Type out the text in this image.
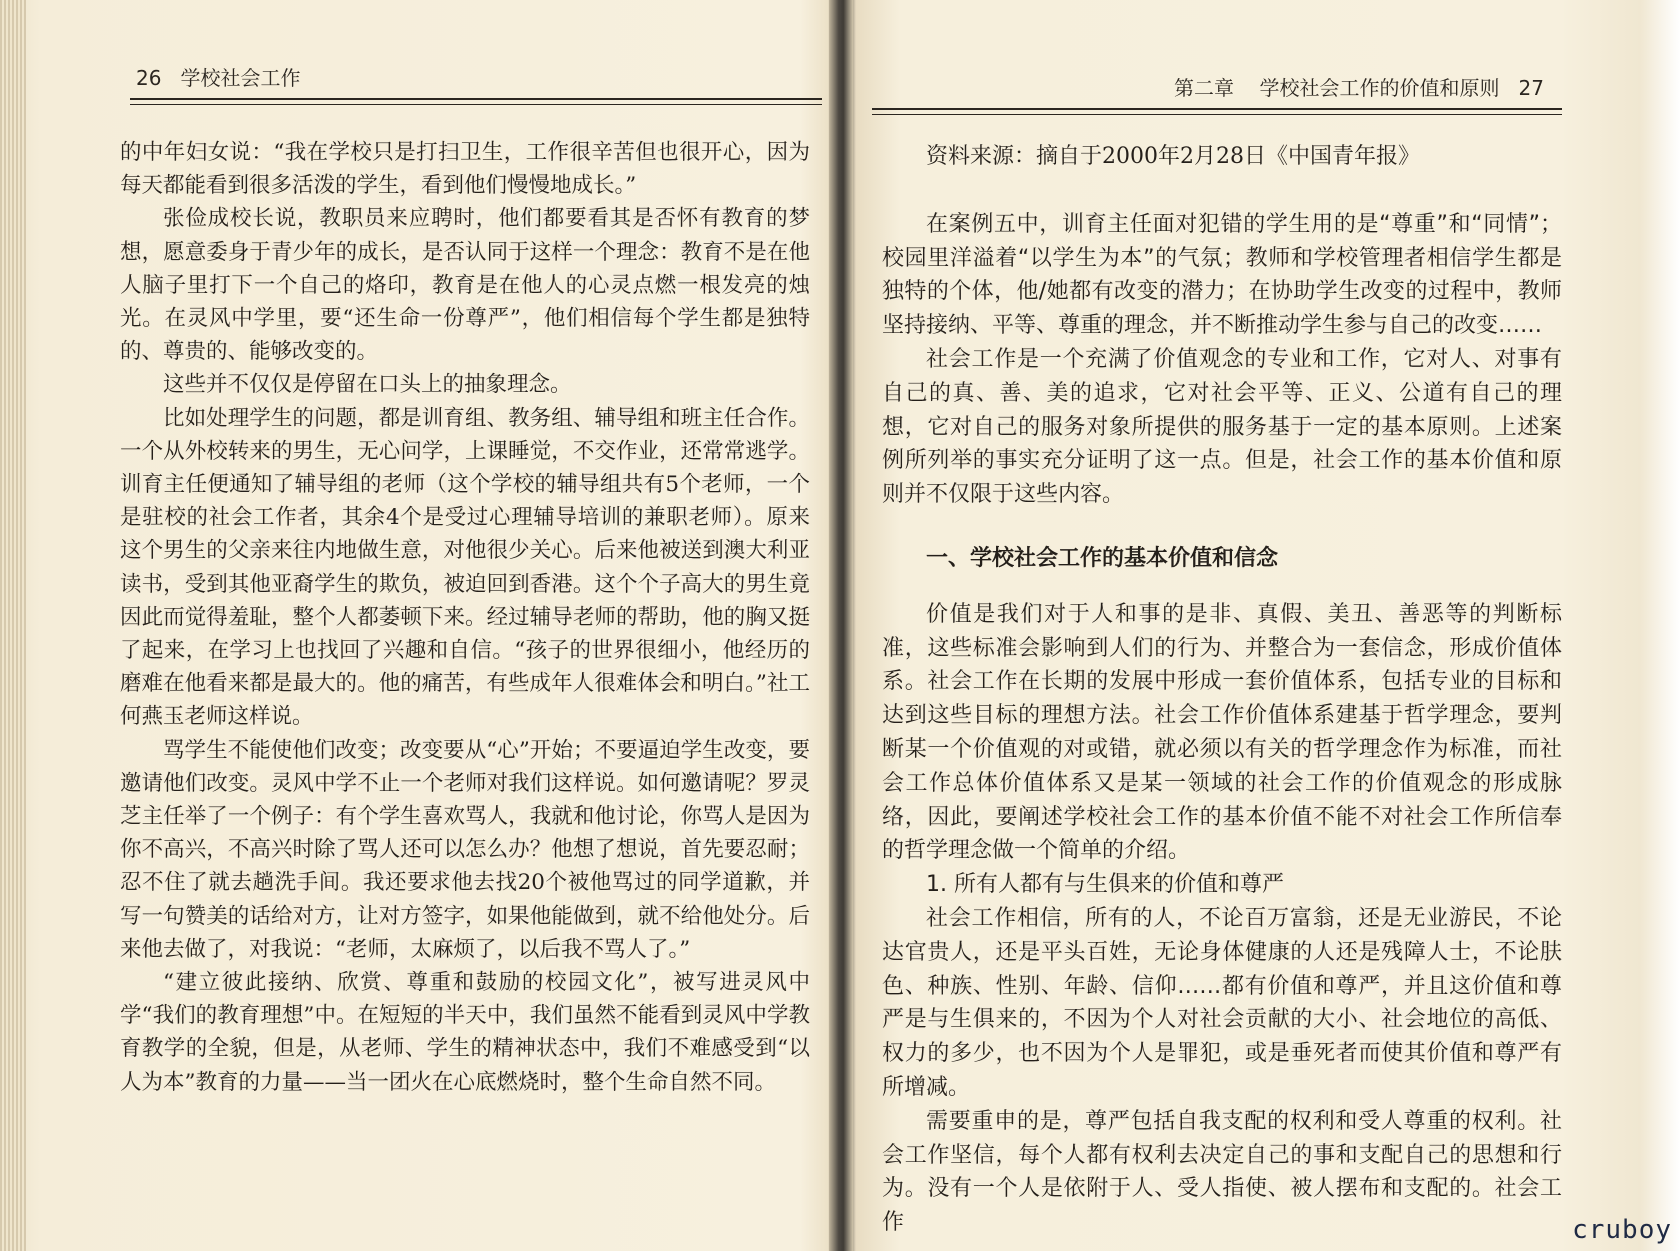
26 学校社会工作

的中年妇女说：“我在学校只是打扫卫生，工作很辛苦但也很开心，因为每天都能看到很多活泼的学生，看到他们慢慢地成长。”

张俭成校长说，教职员来应聘时，他们都要看其是否怀有教育的梦想，愿意委身于青少年的成长，是否认同于这样一个理念：教育不是在他人脑子里打下一个自己的烙印，教育是在他人的心灵点燃一根发亮的烛光。在灵风中学里，要“还生命一份尊严”，他们相信每个学生都是独特的、尊贵的、能够改变的。

这些并不仅仅是停留在口头上的抽象理念。

比如处理学生的问题，都是训育组、教务组、辅导组和班主任合作。一个从外校转来的男生，无心问学，上课睡觉，不交作业，还常常逃学。训育主任便通知了辅导组的老师（这个学校的辅导组共有5个老师，一个是驻校的社会工作者，其余4个是受过心理辅导培训的兼职老师）。原来这个男生的父亲来往内地做生意，对他很少关心。后来他被送到澳大利亚读书，受到其他亚裔学生的欺负，被迫回到香港。这个个子高大的男生竟因此而觉得羞耻，整个人都萎顿下来。经过辅导老师的帮助，他的胸又挺了起来，在学习上也找回了兴趣和自信。“孩子的世界很细小，他经历的磨难在他看来都是最大的。他的痛苦，有些成年人很难体会和明白。”社工何燕玉老师这样说。

骂学生不能使他们改变；改变要从“心”开始；不要逼迫学生改变，要邀请他们改变。灵风中学不止一个老师对我们这样说。如何邀请呢？罗灵芝主任举了一个例子：有个学生喜欢骂人，我就和他讨论，你骂人是因为你不高兴，不高兴时除了骂人还可以怎么办？他想了想说，首先要忍耐；忍不住了就去趟洗手间。我还要求他去找20个被他骂过的同学道歉，并写一句赞美的话给对方，让对方签字，如果他能做到，就不给他处分。后来他去做了，对我说：“老师，太麻烦了，以后我不骂人了。”

“建立彼此接纳、欣赏、尊重和鼓励的校园文化”，被写进灵风中学“我们的教育理想”中。在短短的半天中，我们虽然不能看到灵风中学教育教学的全貌，但是，从老师、学生的精神状态中，我们不难感受到“以人为本”教育的力量——当一团火在心底燃烧时，整个生命自然不同。

第二章 学校社会工作的价值和原则 27

资料来源：摘自于2000年2月28日《中国青年报》

在案例五中，训育主任面对犯错的学生用的是“尊重”和“同情”；校园里洋溢着“以学生为本”的气氛；教师和学校管理者相信学生都是独特的个体，他/她都有改变的潜力；在协助学生改变的过程中，教师坚持接纳、平等、尊重的理念，并不断推动学生参与自己的改变……

社会工作是一个充满了价值观念的专业和工作，它对人、对事有自己的真、善、美的追求，它对社会平等、正义、公道有自己的理想，它对自己的服务对象所提供的服务基于一定的基本原则。上述案例所列举的事实充分证明了这一点。但是，社会工作的基本价值和原则并不仅限于这些内容。

一、学校社会工作的基本价值和信念

价值是我们对于人和事的是非、真假、美丑、善恶等的判断标准，这些标准会影响到人们的行为、并整合为一套信念，形成价值体系。社会工作在长期的发展中形成一套价值体系，包括专业的目标和达到这些目标的理想方法。社会工作价值体系建基于哲学理念，要判断某一个价值观的对或错，就必须以有关的哲学理念作为标准，而社会工作总体价值体系又是某一领域的社会工作的价值观念的形成脉络，因此，要阐述学校社会工作的基本价值不能不对社会工作所信奉的哲学理念做一个简单的介绍。

1. 所有人都有与生俱来的价值和尊严

社会工作相信，所有的人，不论百万富翁，还是无业游民，不论达官贵人，还是平头百姓，无论身体健康的人还是残障人士，不论肤色、种族、性别、年龄、信仰……都有价值和尊严，并且这价值和尊严是与生俱来的，不因为个人对社会贡献的大小、社会地位的高低、权力的多少，也不因为个人是罪犯，或是垂死者而使其价值和尊严有所增减。

需要重申的是，尊严包括自我支配的权利和受人尊重的权利。社会工作坚信，每个人都有权利去决定自己的事和支配自己的思想和行为。没有一个人是依附于人、受人指使、被人摆布和支配的。社会工作	cruboy
